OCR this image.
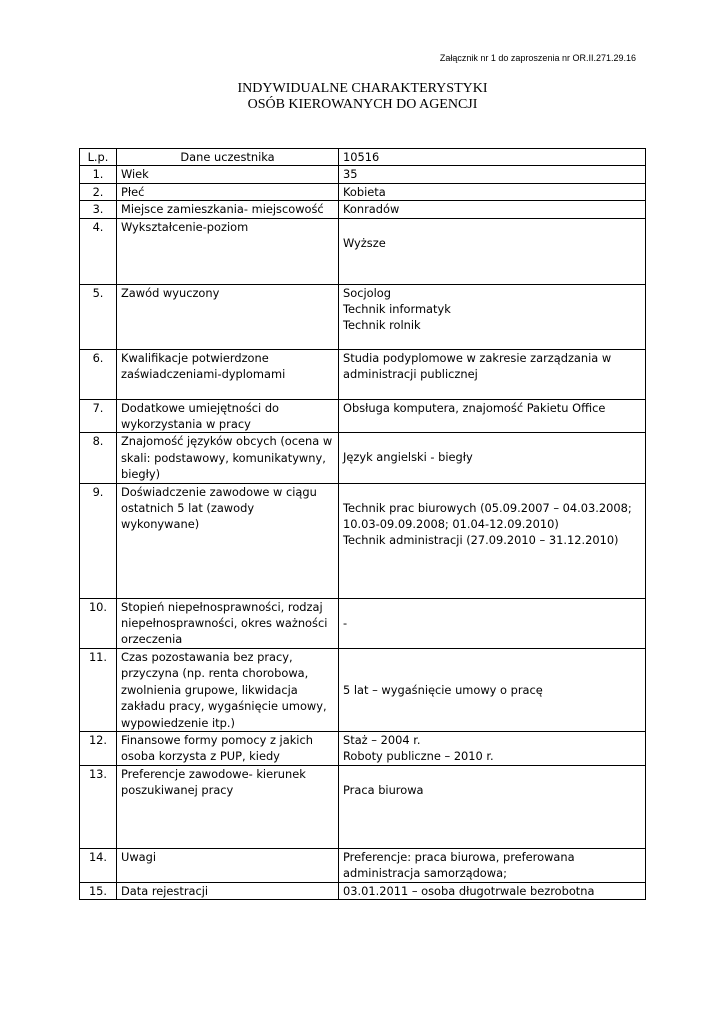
Załącznik nr 1 do zaproszenia nr OR.II.271.29.16
INDYWIDUALNE CHARAKTERYSTYKI
OSÓB KIEROWANYCH DO AGENCJI
L.p.	Dane uczestnika	10516
1.	Wiek	35
2.	Płeć	Kobieta
3.	Miejsce zamieszkania- miejscowość	Konradów
4.	Wykształcenie-poziom	Wyższe

5.	Zawód wyuczony	Socjolog
Technik informatyk
Technik rolnik

6.	Kwalifikacje potwierdzone zaświadczeniami-dyplomami	Studia podyplomowe w zakresie zarządzania w administracji publicznej
7.	Dodatkowe umiejętności do wykorzystania w pracy	Obsługa komputera, znajomość Pakietu Office
8.	Znajomość języków obcych (ocena w skali: podstawowy, komunikatywny, biegły)	Język angielski - biegły

9.	Doświadczenie zawodowe w ciągu ostatnich 5 lat (zawody wykonywane)	Technik prac biurowych (05.09.2007 – 04.03.2008; 10.03-09.09.2008; 01.04-12.09.2010)
Technik administracji (27.09.2010 – 31.12.2010)

10.	Stopień niepełnosprawności, rodzaj niepełnosprawności, okres ważności orzeczenia	-

11.	Czas pozostawania bez pracy, przyczyna (np. renta chorobowa, zwolnienia grupowe, likwidacja zakładu pracy, wygaśnięcie umowy, wypowiedzenie itp.)	5 lat – wygaśnięcie umowy o pracę

12.	Finansowe formy pomocy z jakich osoba korzysta z PUP, kiedy	Staż – 2004 r.
Roboty publiczne – 2010 r.

13.	Preferencje zawodowe- kierunek poszukiwanej pracy	Praca biurowa

14.	Uwagi	Preferencje: praca biurowa, preferowana administracja samorządowa;
15.	Data rejestracji	03.01.2011 – osoba długotrwale bezrobotna
